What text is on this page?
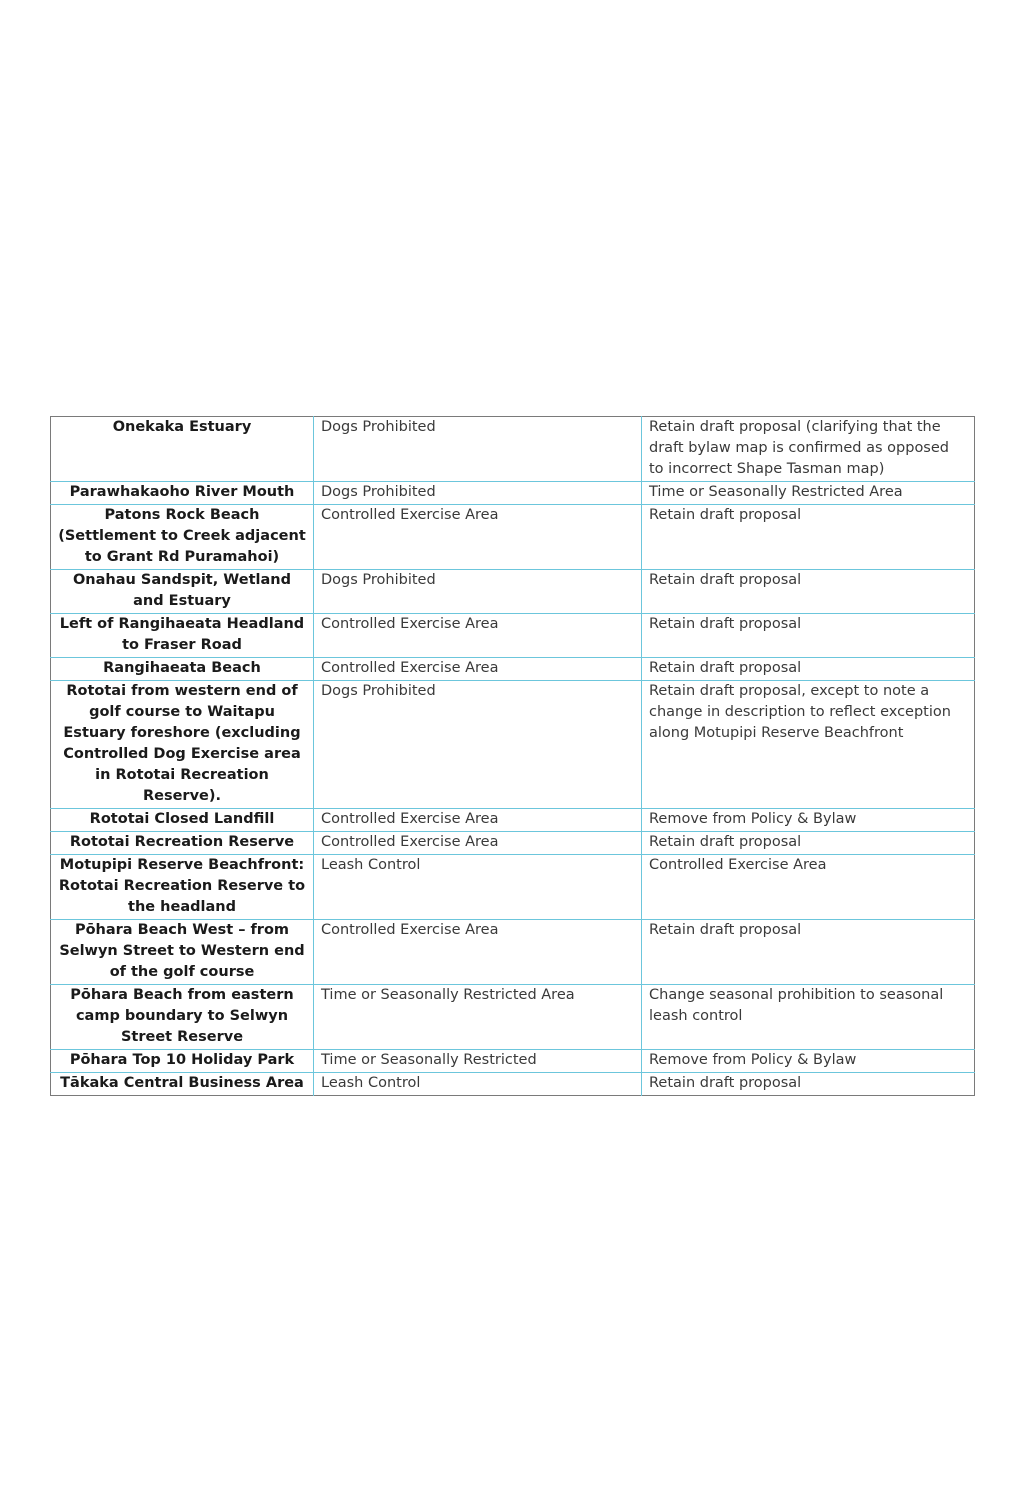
Onekaka Estuary	Dogs Prohibited	Retain draft proposal (clarifying that the draft bylaw map is confirmed as opposed to incorrect Shape Tasman map)
Parawhakaoho River Mouth	Dogs Prohibited	Time or Seasonally Restricted Area
Patons Rock Beach (Settlement to Creek adjacent to Grant Rd Puramahoi)	Controlled Exercise Area	Retain draft proposal
Onahau Sandspit, Wetland and Estuary	Dogs Prohibited	Retain draft proposal
Left of Rangihaeata Headland to Fraser Road	Controlled Exercise Area	Retain draft proposal
Rangihaeata Beach	Controlled Exercise Area	Retain draft proposal
Rototai from western end of golf course to Waitapu Estuary foreshore (excluding Controlled Dog Exercise area in Rototai Recreation Reserve).	Dogs Prohibited	Retain draft proposal, except to note a change in description to reflect exception along Motupipi Reserve Beachfront
Rototai Closed Landfill	Controlled Exercise Area	Remove from Policy & Bylaw
Rototai Recreation Reserve	Controlled Exercise Area	Retain draft proposal
Motupipi Reserve Beachfront: Rototai Recreation Reserve to the headland	Leash Control	Controlled Exercise Area
Pōhara Beach West – from Selwyn Street to Western end of the golf course	Controlled Exercise Area	Retain draft proposal
Pōhara Beach from eastern camp boundary to Selwyn Street Reserve	Time or Seasonally Restricted Area	Change seasonal prohibition to seasonal leash control
Pōhara Top 10 Holiday Park	Time or Seasonally Restricted	Remove from Policy & Bylaw
Tākaka Central Business Area	Leash Control	Retain draft proposal
